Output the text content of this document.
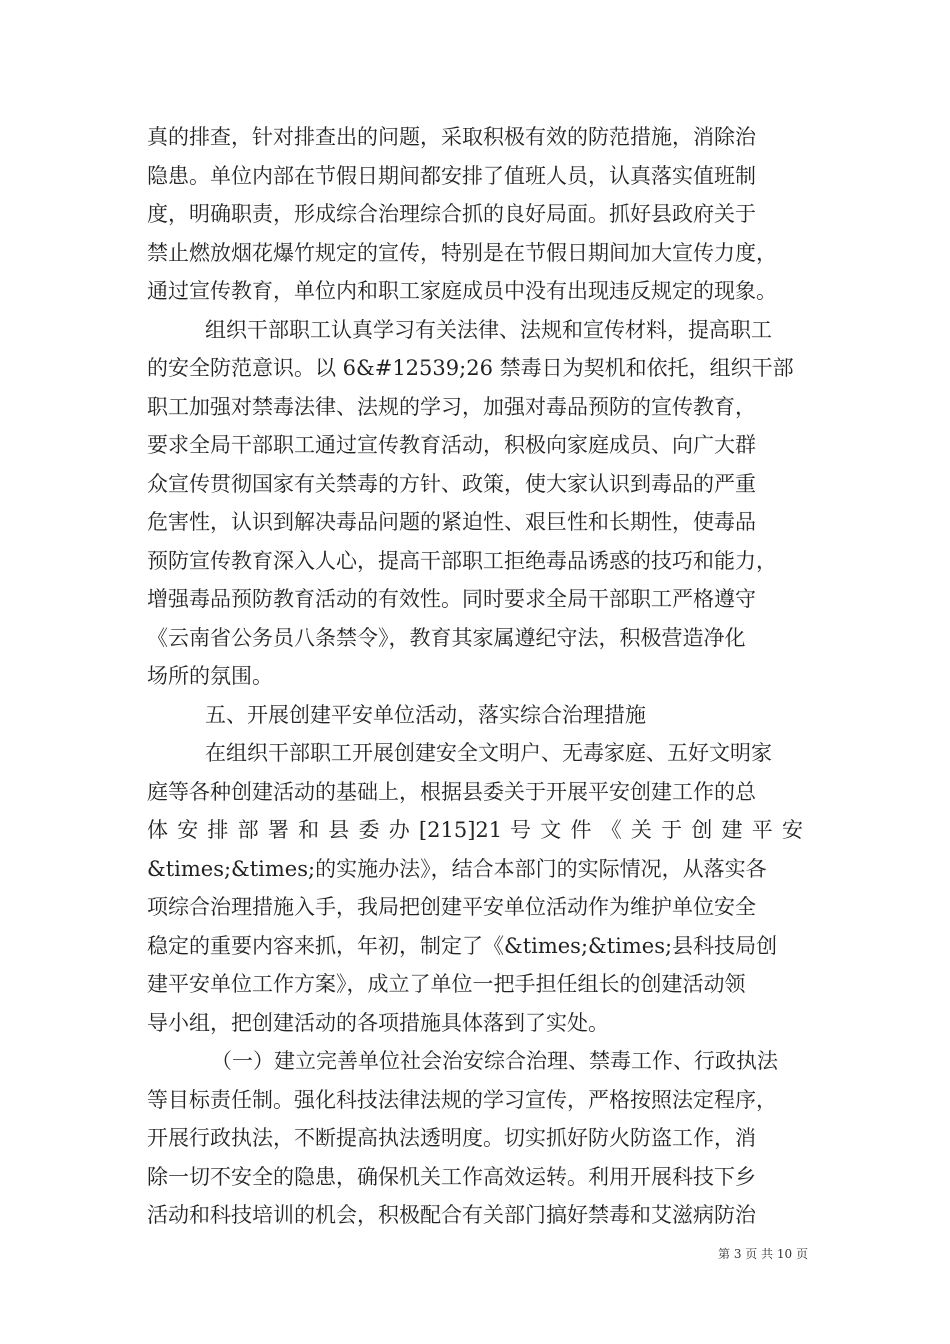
真的排查，针对排查出的问题，采取积极有效的防范措施，消除治
隐患。单位内部在节假日期间都安排了值班人员，认真落实值班制
度，明确职责，形成综合治理综合抓的良好局面。抓好县政府关于
禁止燃放烟花爆竹规定的宣传，特别是在节假日期间加大宣传力度，
通过宣传教育，单位内和职工家庭成员中没有出现违反规定的现象。
组织干部职工认真学习有关法律、法规和宣传材料，提高职工
的安全防范意识。以 6&#12539;26 禁毒日为契机和依托，组织干部
职工加强对禁毒法律、法规的学习，加强对毒品预防的宣传教育，
要求全局干部职工通过宣传教育活动，积极向家庭成员、向广大群
众宣传贯彻国家有关禁毒的方针、政策，使大家认识到毒品的严重
危害性，认识到解决毒品问题的紧迫性、艰巨性和长期性，使毒品
预防宣传教育深入人心，提高干部职工拒绝毒品诱惑的技巧和能力，
增强毒品预防教育活动的有效性。同时要求全局干部职工严格遵守
《云南省公务员八条禁令》，教育其家属遵纪守法，积极营造净化
场所的氛围。
五、开展创建平安单位活动，落实综合治理措施
在组织干部职工开展创建安全文明户、无毒家庭、五好文明家
庭等各种创建活动的基础上，根据县委关于开展平安创建工作的总
体 安 排 部 署 和 县 委 办 [215]21 号 文 件 《 关 于 创 建 平 安
&times;&times;的实施办法》，结合本部门的实际情况，从落实各
项综合治理措施入手，我局把创建平安单位活动作为维护单位安全
稳定的重要内容来抓，年初，制定了《&times;&times;县科技局创
建平安单位工作方案》，成立了单位一把手担任组长的创建活动领
导小组，把创建活动的各项措施具体落到了实处。
（一）建立完善单位社会治安综合治理、禁毒工作、行政执法
等目标责任制。强化科技法律法规的学习宣传，严格按照法定程序，
开展行政执法，不断提高执法透明度。切实抓好防火防盗工作，消
除一切不安全的隐患，确保机关工作高效运转。利用开展科技下乡
活动和科技培训的机会，积极配合有关部门搞好禁毒和艾滋病防治
第 3 页 共 10 页
